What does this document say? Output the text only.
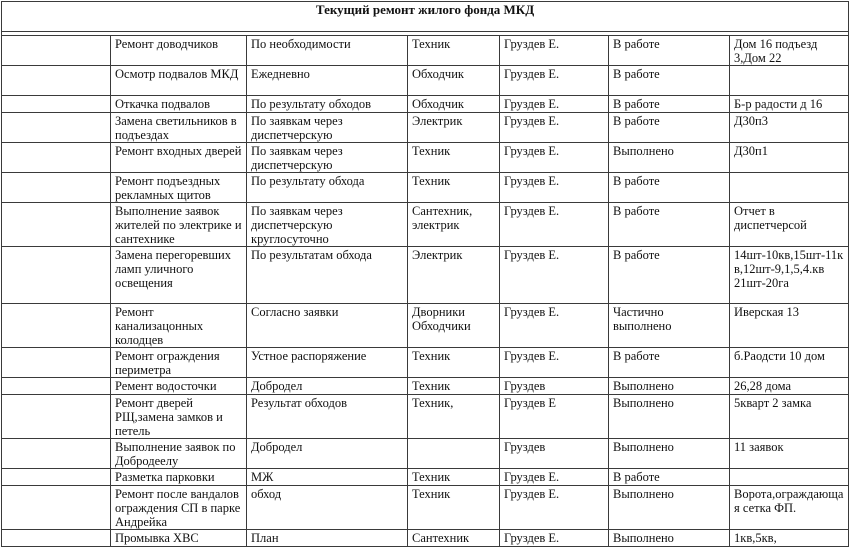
Текущий ремонт жилого фонда МКД						

	Ремонт доводчиков	По необходимости	Техник	Груздев Е.	В работе	Дом 16 подъезд 3,Дом 22
	Осмотр подвалов МКД	Ежедневно	Обходчик	Груздев Е.	В работе	
	Откачка подвалов	По результату обходов	Обходчик	Груздев Е.	В работе	Б-р радости д 16
	Замена светильников в подъездах	По заявкам через диспетчерскую	Электрик	Груздев Е.	В работе	Д30п3
	Ремонт входных дверей	По заявкам через диспетчерскую	Техник	Груздев Е.	Выполнено	Д30п1
	Ремонт подъездных рекламных щитов	По результату обхода	Техник	Груздев Е.	В работе	
	Выполнение заявок жителей по электрике и сантехнике	По заявкам через диспетчерскую круглосуточно	Сантехник, электрик	Груздев Е.	В работе	Отчет в диспетчерсой
	Замена перегоревших ламп уличного освещения	По результатам обхода	Электрик	Груздев Е.	В работе	14шт-10кв,15шт-11кв,12шт-9,1,5,4.кв 21шт-20га
	Ремонт канализацонных колодцев	Согласно заявки	Дворники Обходчики	Груздев Е.	Частично выполнено	Иверская 13
	Ремонт ограждения периметра	Устное распоряжение	Техник	Груздев Е.	В работе	б.Раодсти 10 дом
	Ремент водосточки	Добродел	Техник	Груздев	Выполнено	26,28 дома
	Ремонт дверей РЩ,замена замков и петель	Результат обходов	Техник,	Груздев Е	Выполнено	5кварт 2 замка
	Выполнение заявок по Добродеелу	Добродел		Груздев	Выполнено	11 заявок
	Разметка парковки	МЖ	Техник	Груздев Е.	В работе	
	Ремонт после вандалов ограждения СП в парке Андрейка	обход	Техник	Груздев Е.	Выполнено	Ворота,ограждающая сетка ФП.
	Промывка ХВС	План	Сантехник	Груздев Е.	Выполнено	1кв,5кв,
